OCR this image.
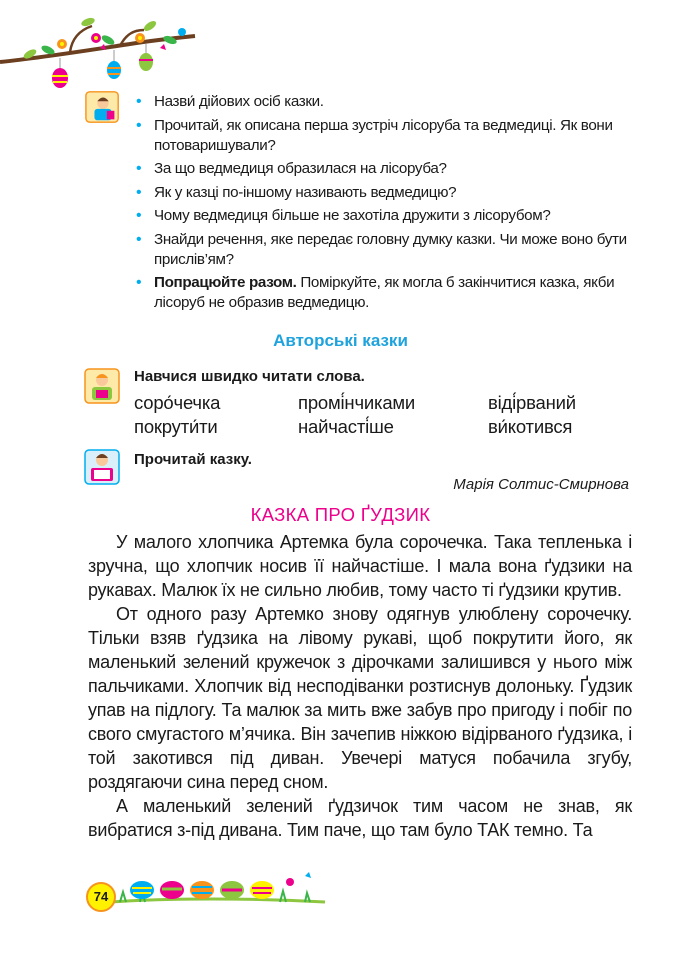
• Назви́ дійових осіб казки.
• Прочитай, як описана перша зустріч лісоруба та ведмедиці. Як вони потоваришували?
• За що ведмедиця образилася на лісоруба?
• Як у казці по-іншому називають ведмедицю?
• Чому ведмедиця більше не захотіла дружити з лісорубом?
• Знайди речення, яке передає головну думку казки. Чи може воно бути прислів’ям?
• Попрацюйте разом. Поміркуйте, як могла б закінчитися казка, якби лісоруб не образив ведмедицю.
Авторські казки
Навчися швидко читати слова.
соро́чечка	промі́нчиками	віді́рваний
покрути́ти	найчасті́ше	ви́котився
Прочитай казку.
Марія Солтис-Смирнова
КАЗКА ПРО ҐУДЗИК

У малого хлопчика Артемка була сорочечка. Така тепленька і зручна, що хлопчик носив її найчастіше. І мала вона ґудзики на рукавах. Малюк їх не сильно любив, тому часто ті ґудзики крутив.

От одного разу Артемко знову одягнув улюблену сорочечку. Тільки взяв ґудзика на лівому рукаві, щоб покрутити його, як маленький зелений кружечок з дірочками залишився у нього між пальчиками. Хлопчик від несподіванки розтиснув долоньку. Ґудзик упав на підлогу. Та малюк за мить вже забув про пригоду і побіг по свого смугастого м’ячика. Він зачепив ніжкою відірваного ґудзика, і той закотився під диван. Увечері матуся побачила згубу, роздягаючи сина перед сном.

А маленький зелений ґудзичок тим часом не знав, як вибратися з-під дивана. Тим паче, що там було ТАК темно. Та

74
